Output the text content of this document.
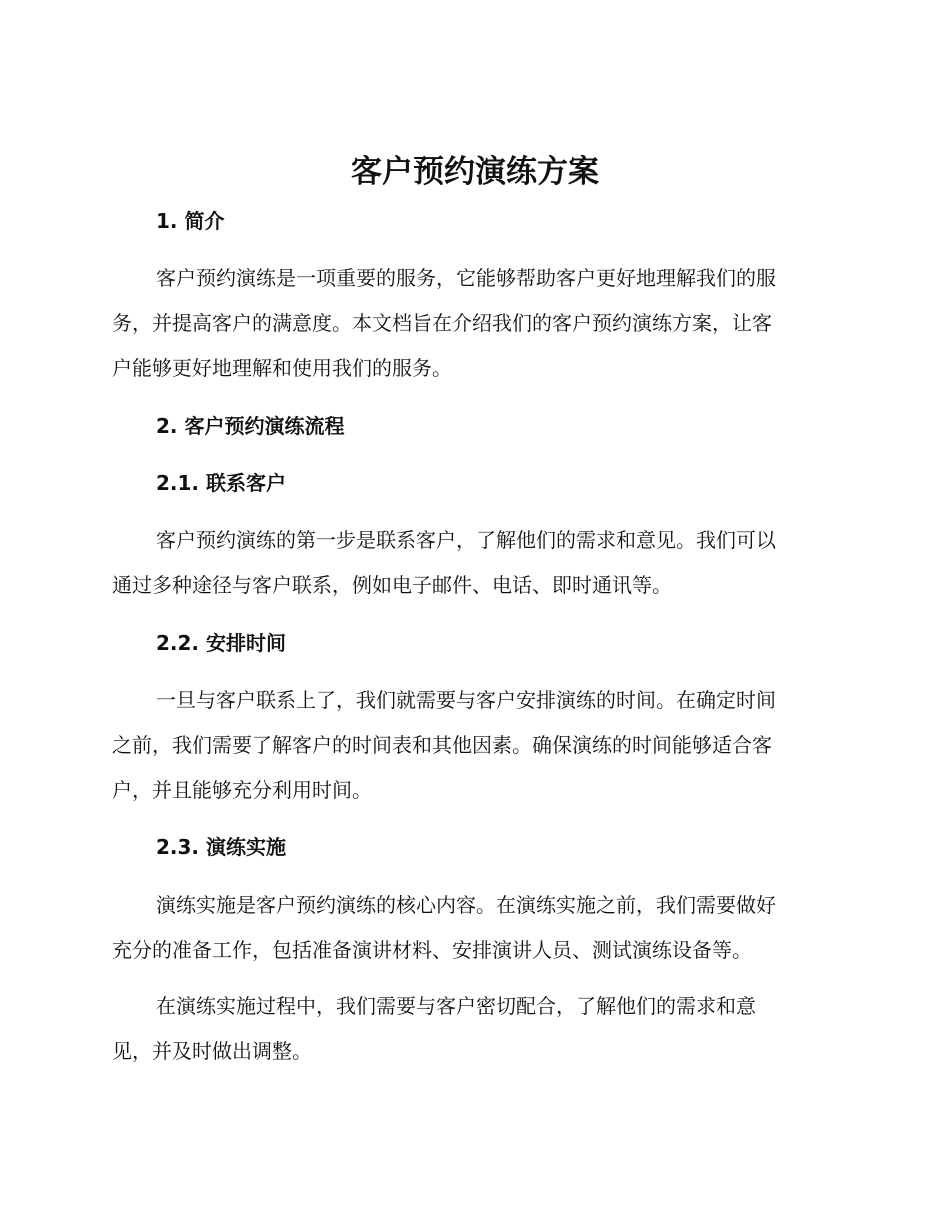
客户预约演练方案
1. 简介

客户预约演练是一项重要的服务，它能够帮助客户更好地理解我们的服
务，并提高客户的满意度。本文档旨在介绍我们的客户预约演练方案，让客
户能够更好地理解和使用我们的服务。

2. 客户预约演练流程
2.1. 联系客户

客户预约演练的第一步是联系客户，了解他们的需求和意见。我们可以
通过多种途径与客户联系，例如电子邮件、电话、即时通讯等。

2.2. 安排时间

一旦与客户联系上了，我们就需要与客户安排演练的时间。在确定时间
之前，我们需要了解客户的时间表和其他因素。确保演练的时间能够适合客
户，并且能够充分利用时间。

2.3. 演练实施

演练实施是客户预约演练的核心内容。在演练实施之前，我们需要做好
充分的准备工作，包括准备演讲材料、安排演讲人员、测试演练设备等。

在演练实施过程中，我们需要与客户密切配合，了解他们的需求和意
见，并及时做出调整。
